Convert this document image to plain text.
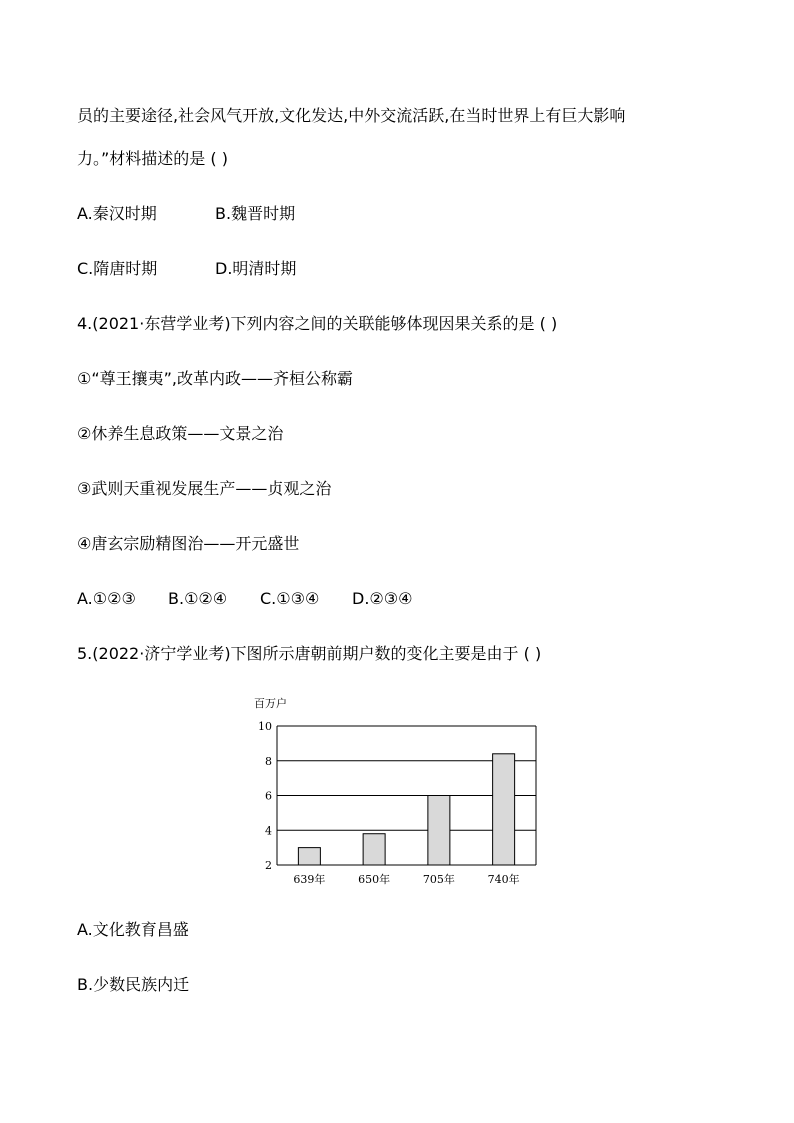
员的主要途径,社会风气开放,文化发达,中外交流活跃,在当时世界上有巨大影响
力。”材料描述的是 ( )
A.秦汉时期	B.魏晋时期
C.隋唐时期	D.明清时期
4.(2021·东营学业考)下列内容之间的关联能够体现因果关系的是 ( )
①“尊王攘夷”,改革内政——齐桓公称霸
②休养生息政策——文景之治
③武则天重视发展生产——贞观之治
④唐玄宗励精图治——开元盛世
A.①②③ B.①②④ C.①③④ D.②③④
5.(2022·济宁学业考)下图所示唐朝前期户数的变化主要是由于 ( )
百万户
2
4
6
8
10
639年	650年	705年	740年
A.文化教育昌盛
B.少数民族内迁
